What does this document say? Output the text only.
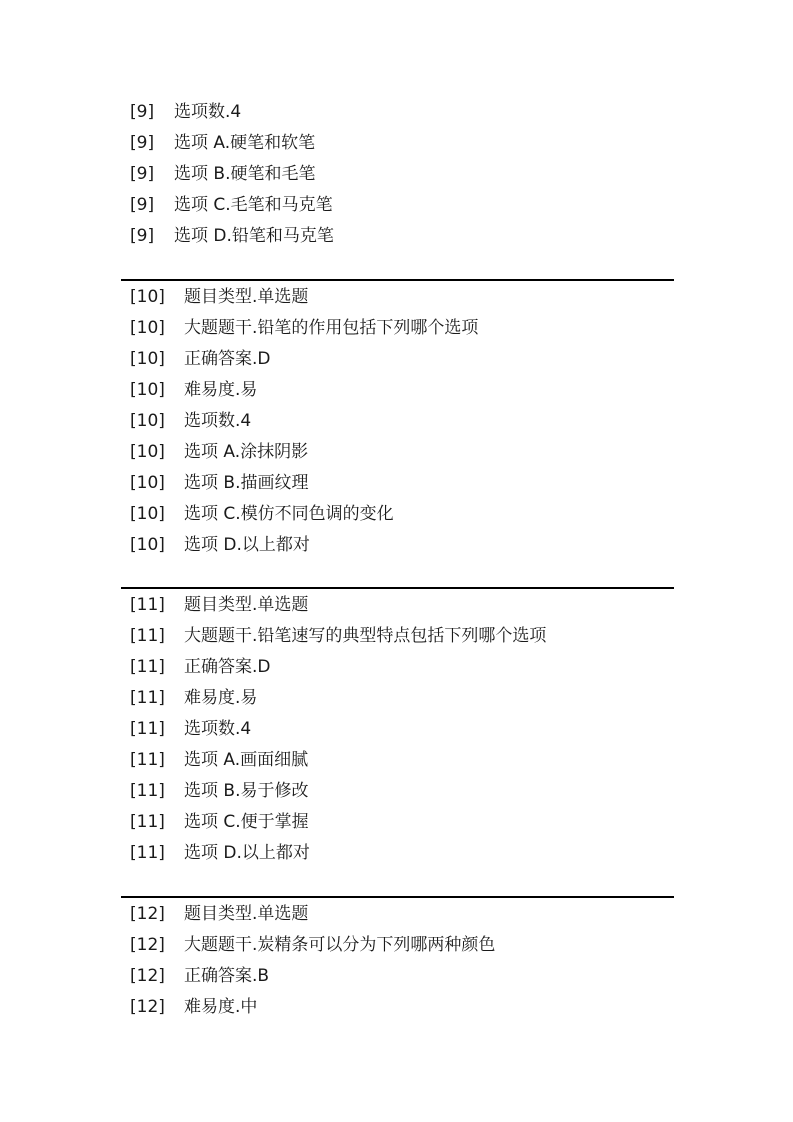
[9] 选项数.4
[9] 选项 A.硬笔和软笔
[9] 选项 B.硬笔和毛笔
[9] 选项 C.毛笔和马克笔
[9] 选项 D.铅笔和马克笔
[10] 题目类型.单选题
[10] 大题题干.铅笔的作用包括下列哪个选项
[10] 正确答案.D
[10] 难易度.易
[10] 选项数.4
[10] 选项 A.涂抹阴影
[10] 选项 B.描画纹理
[10] 选项 C.模仿不同色调的变化
[10] 选项 D.以上都对
[11] 题目类型.单选题
[11] 大题题干.铅笔速写的典型特点包括下列哪个选项
[11] 正确答案.D
[11] 难易度.易
[11] 选项数.4
[11] 选项 A.画面细腻
[11] 选项 B.易于修改
[11] 选项 C.便于掌握
[11] 选项 D.以上都对
[12] 题目类型.单选题
[12] 大题题干.炭精条可以分为下列哪两种颜色
[12] 正确答案.B
[12] 难易度.中
